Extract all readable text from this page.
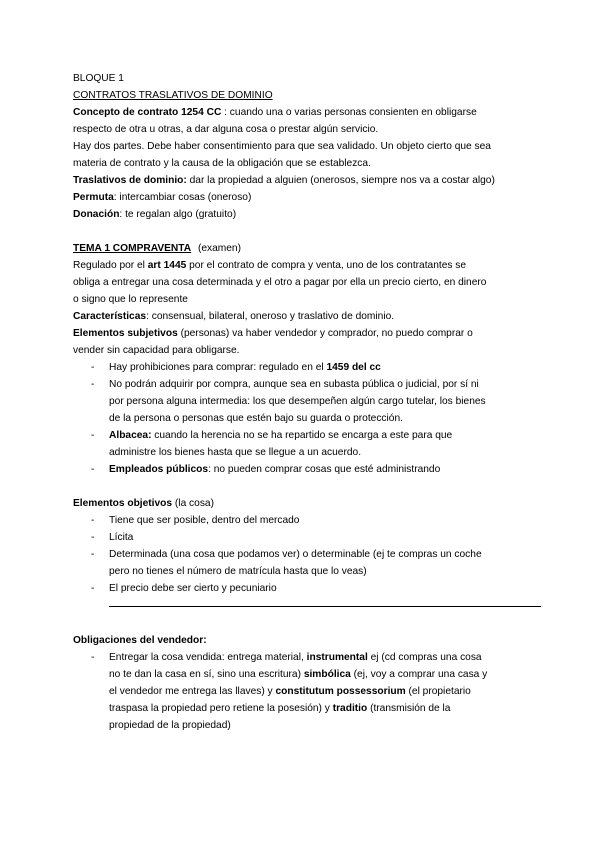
BLOQUE 1

CONTRATOS TRASLATIVOS DE DOMINIO

Concepto de contrato 1254 CC : cuando una o varias personas consienten en obligarse

respecto de otra u otras, a dar alguna cosa o prestar algún servicio.

Hay dos partes. Debe haber consentimiento para que sea validado. Un objeto cierto que sea

materia de contrato y la causa de la obligación que se establezca.

Traslativos de dominio: dar la propiedad a alguien (onerosos, siempre nos va a costar algo)

Permuta: intercambiar cosas (oneroso)

Donación: te regalan algo (gratuito)

TEMA 1 COMPRAVENTA (examen)

Regulado por el art 1445 por el contrato de compra y venta, uno de los contratantes se

obliga a entregar una cosa determinada y el otro a pagar por ella un precio cierto, en dinero

o signo que lo represente

Características: consensual, bilateral, oneroso y traslativo de dominio.

Elementos subjetivos (personas) va haber vendedor y comprador, no puedo comprar o

vender sin capacidad para obligarse.

- Hay prohibiciones para comprar: regulado en el 1459 del cc
- No podrán adquirir por compra, aunque sea en subasta pública o judicial, por sí ni
por persona alguna intermedia: los que desempeñen algún cargo tutelar, los bienes
de la persona o personas que estén bajo su guarda o protección.
- Albacea: cuando la herencia no se ha repartido se encarga a este para que
administre los bienes hasta que se llegue a un acuerdo.
- Empleados públicos: no pueden comprar cosas que esté administrando

Elementos objetivos (la cosa)

- Tiene que ser posible, dentro del mercado
- Lícita
- Determinada (una cosa que podamos ver) o determinable (ej te compras un coche
pero no tienes el número de matrícula hasta que lo veas)
- El precio debe ser cierto y pecuniario

Obligaciones del vendedor:

- Entregar la cosa vendida: entrega material, instrumental ej (cd compras una cosa
no te dan la casa en sí, sino una escritura) simbólica (ej, voy a comprar una casa y
el vendedor me entrega las llaves) y constitutum possessorium (el propietario
traspasa la propiedad pero retiene la posesión) y traditio (transmisión de la
propiedad de la propiedad)
